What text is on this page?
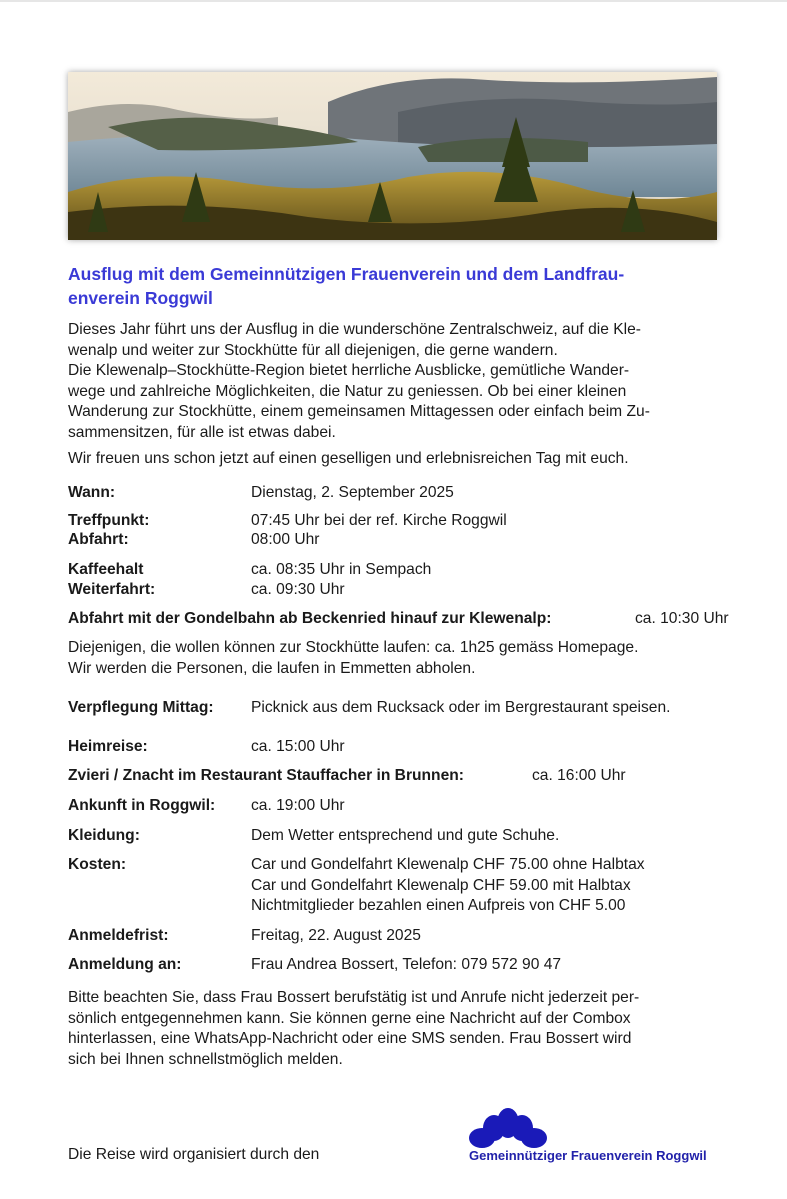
Ausflug mit dem Gemeinnützigen Frauenverein und dem Landfrau-
enverein Roggwil
Dieses Jahr führt uns der Ausflug in die wunderschöne Zentralschweiz, auf die Kle-
wenalp und weiter zur Stockhütte für all diejenigen, die gerne wandern.
Die Klewenalp–Stockhütte-Region bietet herrliche Ausblicke, gemütliche Wander-
wege und zahlreiche Möglichkeiten, die Natur zu geniessen. Ob bei einer kleinen
Wanderung zur Stockhütte, einem gemeinsamen Mittagessen oder einfach beim Zu-
sammensitzen, für alle ist etwas dabei.
Wir freuen uns schon jetzt auf einen geselligen und erlebnisreichen Tag mit euch.
Wann:	Dienstag, 2. September 2025
Treffpunkt:	07:45 Uhr bei der ref. Kirche Roggwil
Abfahrt:	08:00 Uhr
Kaffeehalt	ca. 08:35 Uhr in Sempach
Weiterfahrt:	ca. 09:30 Uhr
Abfahrt mit der Gondelbahn ab Beckenried hinauf zur Klewenalp:	ca. 10:30 Uhr
Diejenigen, die wollen können zur Stockhütte laufen: ca. 1h25 gemäss Homepage.
Wir werden die Personen, die laufen in Emmetten abholen.
Verpflegung Mittag: Picknick aus dem Rucksack oder im Bergrestaurant speisen.
Heimreise:	ca. 15:00 Uhr
Zvieri / Znacht im Restaurant Stauffacher in Brunnen:	ca. 16:00 Uhr
Ankunft in Roggwil: ca. 19:00 Uhr
Kleidung:	Dem Wetter entsprechend und gute Schuhe.
Kosten:	Car und Gondelfahrt Klewenalp CHF 75.00 ohne Halbtax
Car und Gondelfahrt Klewenalp CHF 59.00 mit Halbtax
Nichtmitglieder bezahlen einen Aufpreis von CHF 5.00
Anmeldefrist:	Freitag, 22. August 2025
Anmeldung an:	Frau Andrea Bossert, Telefon: 079 572 90 47
Bitte beachten Sie, dass Frau Bossert berufstätig ist und Anrufe nicht jederzeit per-
sönlich entgegennehmen kann. Sie können gerne eine Nachricht auf der Combox
hinterlassen, eine WhatsApp-Nachricht oder eine SMS senden. Frau Bossert wird
sich bei Ihnen schnellstmöglich melden.
Die Reise wird organisiert durch den	Gemeinnütziger Frauenverein Roggwil
